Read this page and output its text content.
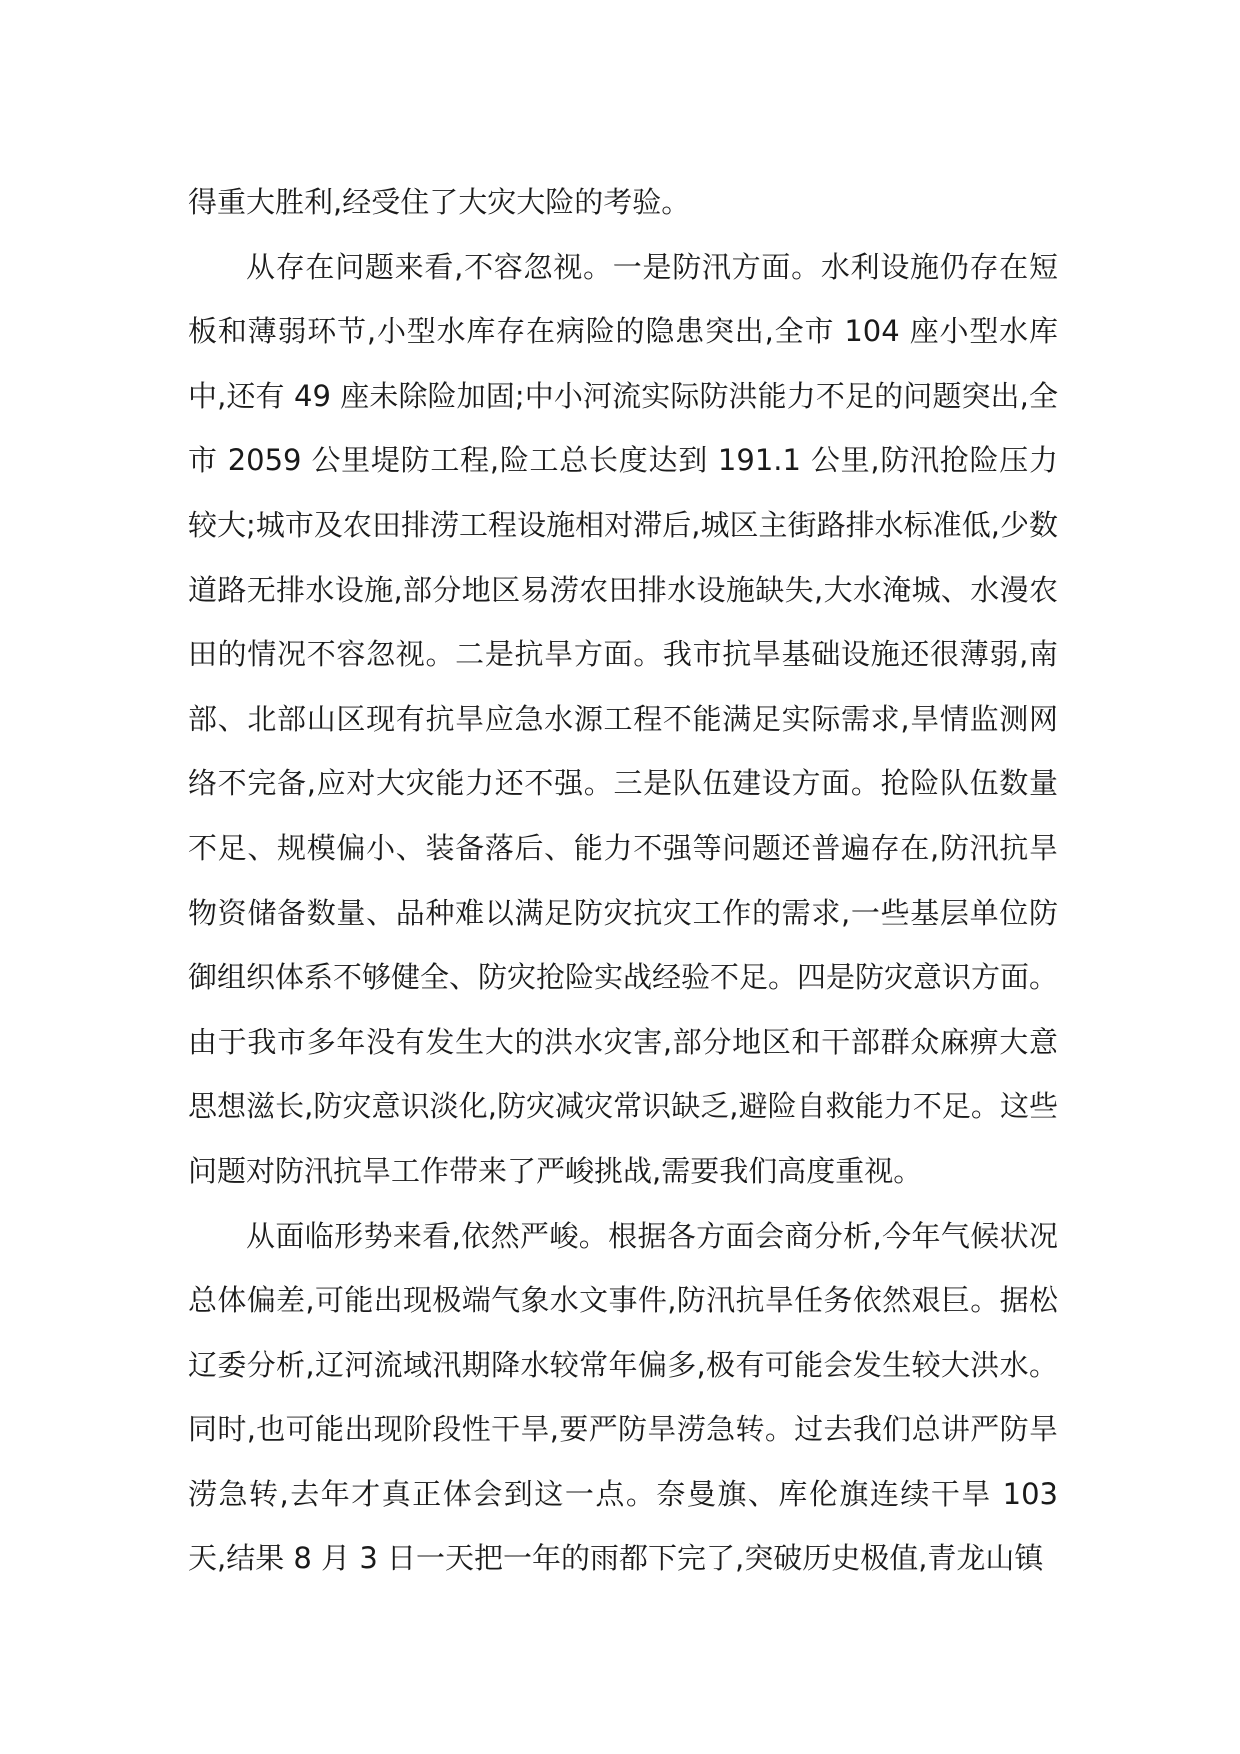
得重大胜利,经受住了大灾大险的考验。

从存在问题来看,不容忽视。一是防汛方面。水利设施仍存在短板和薄弱环节,小型水库存在病险的隐患突出,全市 104 座小型水库中,还有 49 座未除险加固;中小河流实际防洪能力不足的问题突出,全市 2059 公里堤防工程,险工总长度达到 191.1 公里,防汛抢险压力较大;城市及农田排涝工程设施相对滞后,城区主街路排水标准低,少数道路无排水设施,部分地区易涝农田排水设施缺失,大水淹城、水漫农田的情况不容忽视。二是抗旱方面。我市抗旱基础设施还很薄弱,南部、北部山区现有抗旱应急水源工程不能满足实际需求,旱情监测网络不完备,应对大灾能力还不强。三是队伍建设方面。抢险队伍数量不足、规模偏小、装备落后、能力不强等问题还普遍存在,防汛抗旱物资储备数量、品种难以满足防灾抗灾工作的需求,一些基层单位防御组织体系不够健全、防灾抢险实战经验不足。四是防灾意识方面。由于我市多年没有发生大的洪水灾害,部分地区和干部群众麻痹大意思想滋长,防灾意识淡化,防灾减灾常识缺乏,避险自救能力不足。这些问题对防汛抗旱工作带来了严峻挑战,需要我们高度重视。

从面临形势来看,依然严峻。根据各方面会商分析,今年气候状况总体偏差,可能出现极端气象水文事件,防汛抗旱任务依然艰巨。据松辽委分析,辽河流域汛期降水较常年偏多,极有可能会发生较大洪水。同时,也可能出现阶段性干旱,要严防旱涝急转。过去我们总讲严防旱涝急转,去年才真正体会到这一点。奈曼旗、库伦旗连续干旱 103 天,结果 8 月 3 日一天把一年的雨都下完了,突破历史极值,青龙山镇
